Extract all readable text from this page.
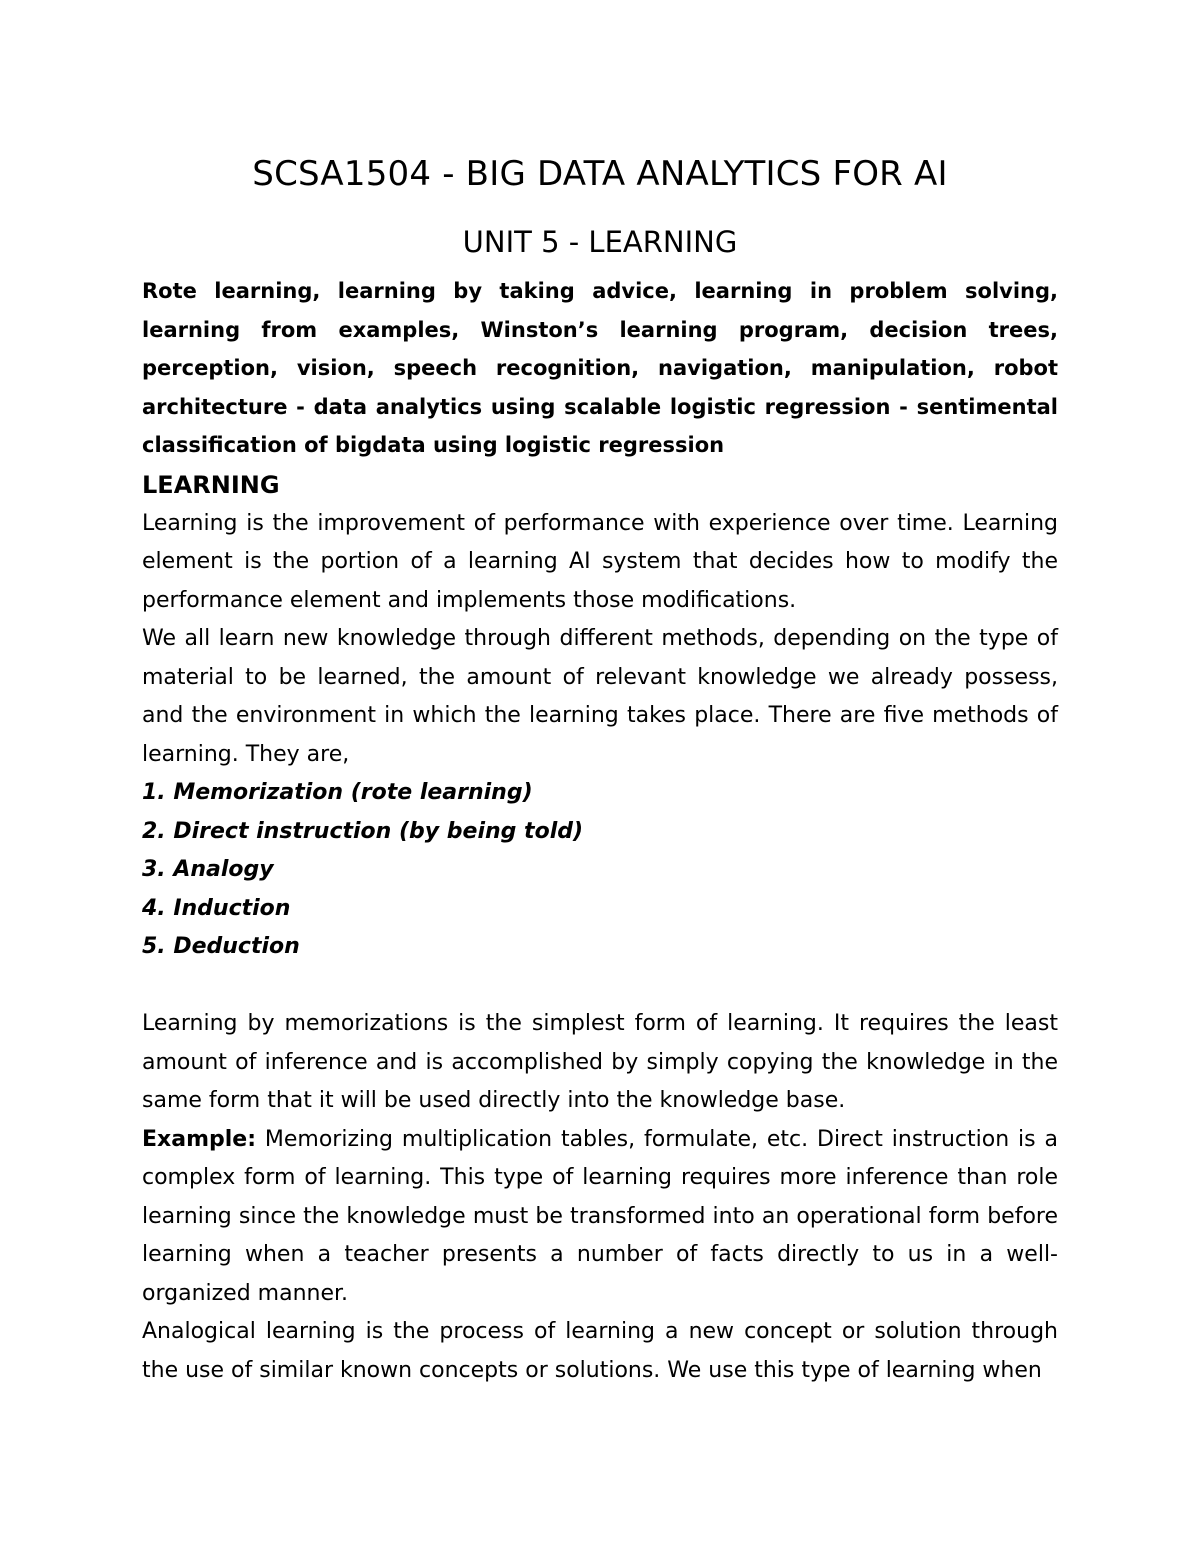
SCSA1504 - BIG DATA ANALYTICS FOR AI
UNIT 5 - LEARNING

Rote learning, learning by taking advice, learning in problem solving, learning from examples, Winston’s learning program, decision trees, perception, vision, speech recognition, navigation, manipulation, robot architecture - data analytics using scalable logistic regression - sentimental classification of bigdata using logistic regression

LEARNING

Learning is the improvement of performance with experience over time. Learning element is the portion of a learning AI system that decides how to modify the performance element and implements those modifications.

We all learn new knowledge through different methods, depending on the type of material to be learned, the amount of relevant knowledge we already possess, and the environment in which the learning takes place. There are five methods of learning. They are,

1. Memorization (rote learning)
2. Direct instruction (by being told)
3. Analogy
4. Induction
5. Deduction

Learning by memorizations is the simplest form of learning. It requires the least amount of inference and is accomplished by simply copying the knowledge in the same form that it will be used directly into the knowledge base.

Example: Memorizing multiplication tables, formulate, etc. Direct instruction is a complex form of learning. This type of learning requires more inference than role learning since the knowledge must be transformed into an operational form before learning when a teacher presents a number of facts directly to us in a well-organized manner.

Analogical learning is the process of learning a new concept or solution through the use of similar known concepts or solutions. We use this type of learning when
